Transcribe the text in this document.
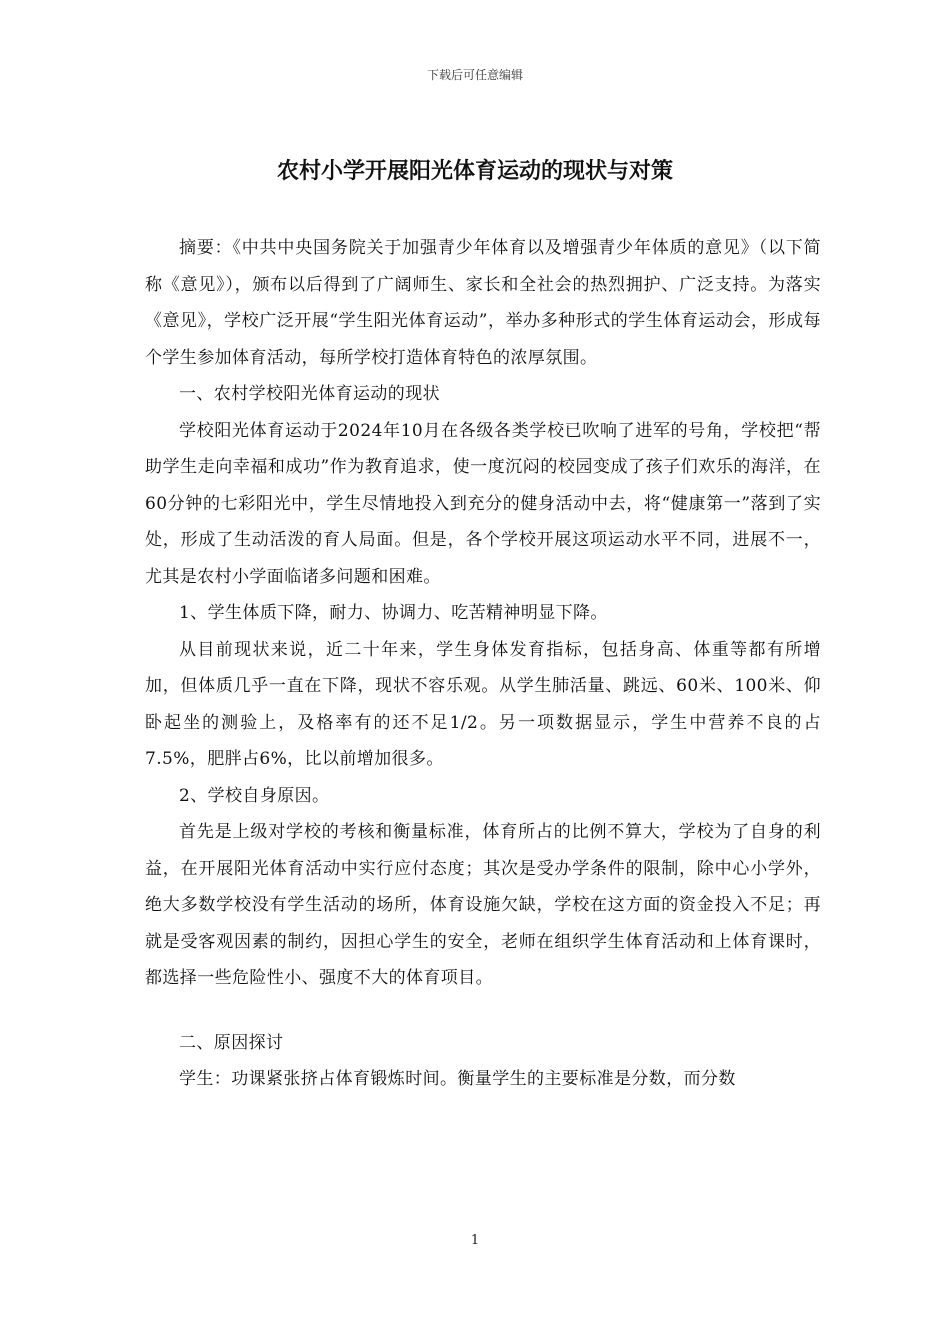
下载后可任意编辑
农村小学开展阳光体育运动的现状与对策

摘要：《中共中央国务院关于加强青少年体育以及增强青少年体质的意见》（以下简称《意见》），颁布以后得到了广阔师生、家长和全社会的热烈拥护、广泛支持。为落实《意见》，学校广泛开展“学生阳光体育运动”，举办多种形式的学生体育运动会，形成每个学生参加体育活动，每所学校打造体育特色的浓厚氛围。

一、农村学校阳光体育运动的现状

学校阳光体育运动于2024年10月在各级各类学校已吹响了进军的号角，学校把“帮助学生走向幸福和成功”作为教育追求，使一度沉闷的校园变成了孩子们欢乐的海洋，在60分钟的七彩阳光中，学生尽情地投入到充分的健身活动中去，将“健康第一”落到了实处，形成了生动活泼的育人局面。但是，各个学校开展这项运动水平不同，进展不一，尤其是农村小学面临诸多问题和困难。

1、学生体质下降，耐力、协调力、吃苦精神明显下降。

从目前现状来说，近二十年来，学生身体发育指标，包括身高、体重等都有所增加，但体质几乎一直在下降，现状不容乐观。从学生肺活量、跳远、60米、100米、仰卧起坐的测验上，及格率有的还不足1/2。另一项数据显示，学生中营养不良的占7.5%，肥胖占6%，比以前增加很多。

2、学校自身原因。

首先是上级对学校的考核和衡量标准，体育所占的比例不算大，学校为了自身的利益，在开展阳光体育活动中实行应付态度；其次是受办学条件的限制，除中心小学外，绝大多数学校没有学生活动的场所，体育设施欠缺，学校在这方面的资金投入不足；再就是受客观因素的制约，因担心学生的安全，老师在组织学生体育活动和上体育课时，都选择一些危险性小、强度不大的体育项目。

二、原因探讨

学生：功课紧张挤占体育锻炼时间。衡量学生的主要标准是分数，而分数

1
